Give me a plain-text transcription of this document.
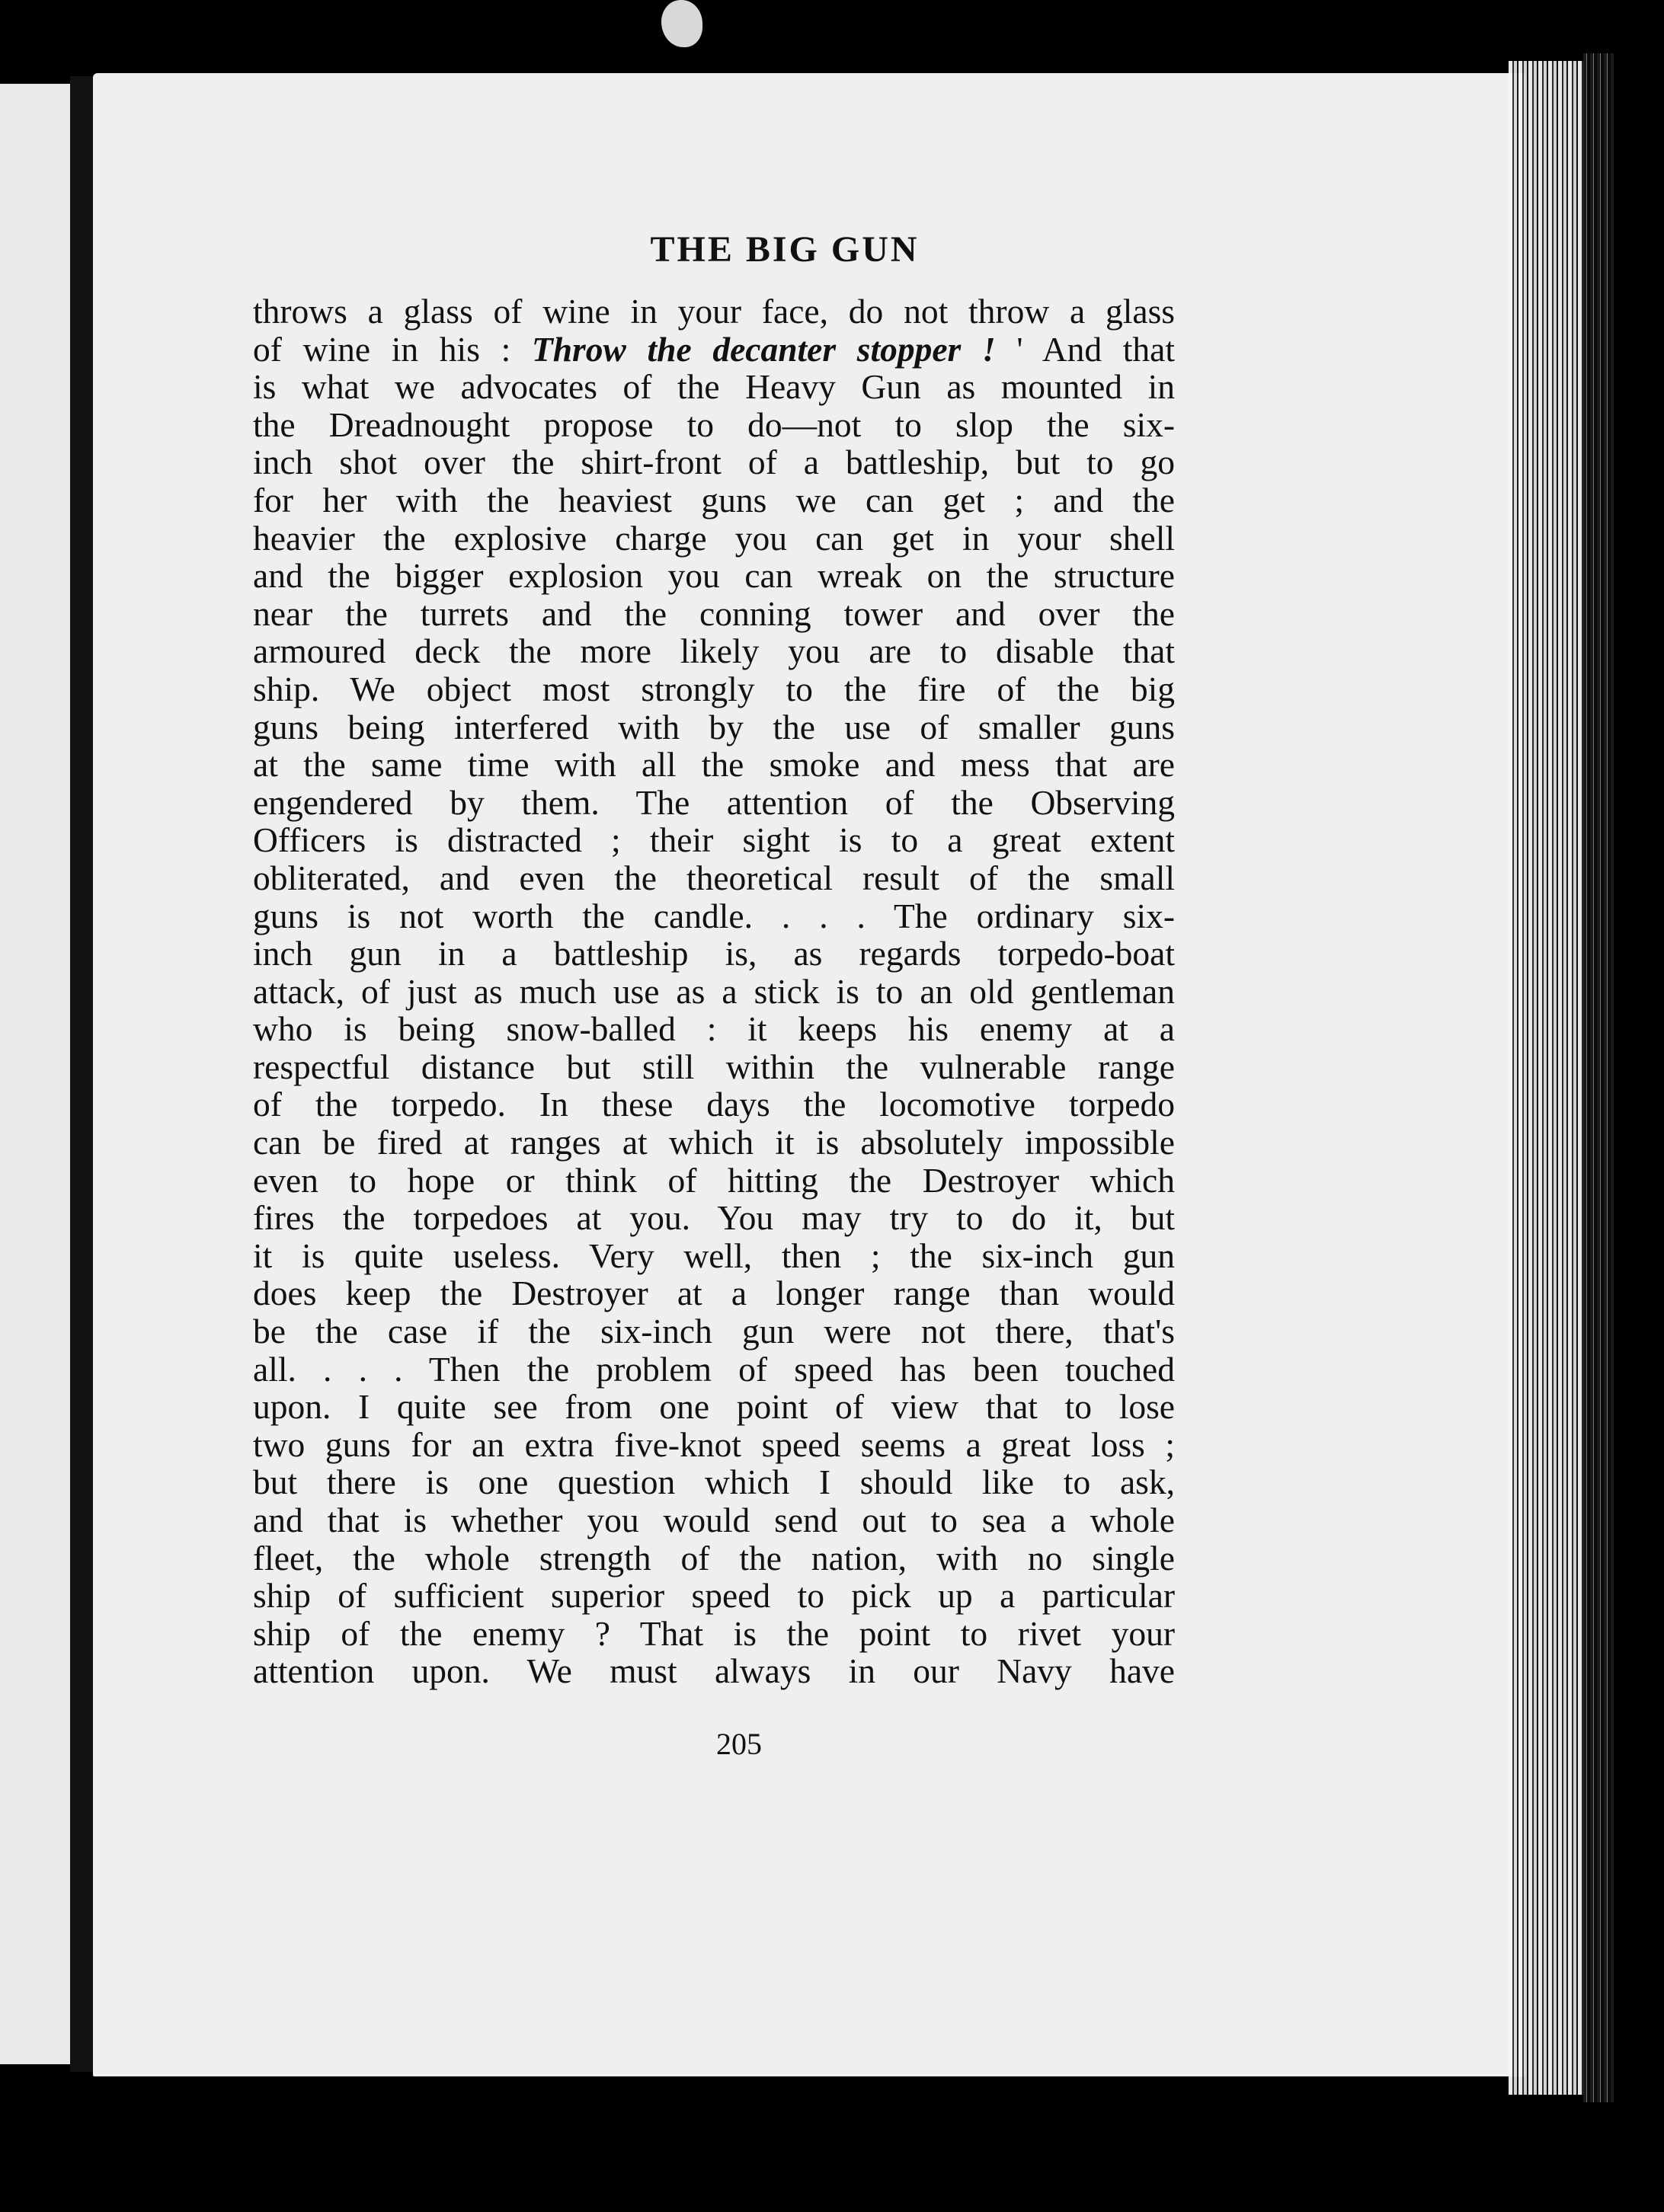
THE BIG GUN
throws a glass of wine in your face, do not throw a glass
of wine in his : Throw the decanter stopper ! ' And that
is what we advocates of the Heavy Gun as mounted in
the Dreadnought propose to do—not to slop the six-
inch shot over the shirt-front of a battleship, but to go
for her with the heaviest guns we can get ; and the
heavier the explosive charge you can get in your shell
and the bigger explosion you can wreak on the structure
near the turrets and the conning tower and over the
armoured deck the more likely you are to disable that
ship. We object most strongly to the fire of the big
guns being interfered with by the use of smaller guns
at the same time with all the smoke and mess that are
engendered by them. The attention of the Observing
Officers is distracted ; their sight is to a great extent
obliterated, and even the theoretical result of the small
guns is not worth the candle. . . . The ordinary six-
inch gun in a battleship is, as regards torpedo-boat
attack, of just as much use as a stick is to an old gentleman
who is being snow-balled : it keeps his enemy at a
respectful distance but still within the vulnerable range
of the torpedo. In these days the locomotive torpedo
can be fired at ranges at which it is absolutely impossible
even to hope or think of hitting the Destroyer which
fires the torpedoes at you. You may try to do it, but
it is quite useless. Very well, then ; the six-inch gun
does keep the Destroyer at a longer range than would
be the case if the six-inch gun were not there, that's
all. . . . Then the problem of speed has been touched
upon. I quite see from one point of view that to lose
two guns for an extra five-knot speed seems a great loss ;
but there is one question which I should like to ask,
and that is whether you would send out to sea a whole
fleet, the whole strength of the nation, with no single
ship of sufficient superior speed to pick up a particular
ship of the enemy ? That is the point to rivet your
attention upon. We must always in our Navy have
205
